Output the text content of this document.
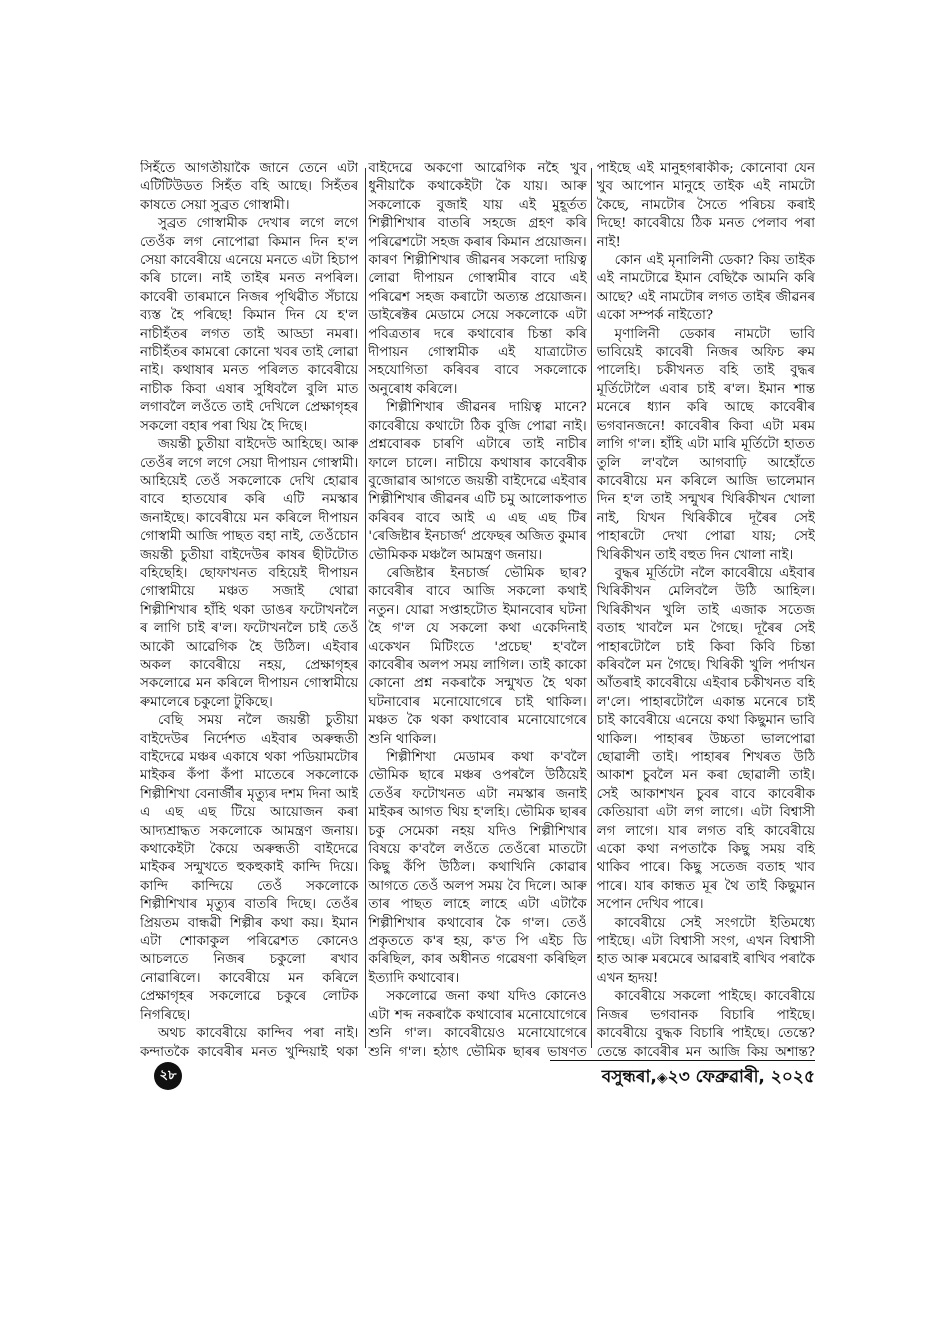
সিহঁতে আগতীয়াকৈ জানে তেনে এটা এটিটিউডত সিহঁত বহি আছে। সিহঁতৰ কাষতে সেয়া সুব্ৰত গোস্বামী।

সুব্ৰত গোস্বামীক দেখাৰ লগে লগে তেওঁক লগ নোপোৱা কিমান দিন হ'ল সেয়া কাবেৰীয়ে এনেয়ে মনতে এটা হিচাপ কৰি চালে। নাই তাইৰ মনত নপৰিল। কাবেৰী তাৰমানে নিজৰ পৃথিৱীত সঁচায়ে ব্যস্ত হৈ পৰিছে! কিমান দিন যে হ'ল নাচীহঁতৰ লগত তাই আড্ডা নমৰা। নাচীহঁতৰ কামৰো কোনো খবৰ তাই লোৱা নাই। কথাষাৰ মনত পৰিলত কাবেৰীয়ে নাচীক কিবা এষাৰ সুধিবলৈ বুলি মাত লগাবলৈ লওঁতে তাই দেখিলে প্ৰেক্ষাগৃহৰ সকলো বহাৰ পৰা থিয় হৈ দিছে।

জয়ন্তী চুতীয়া বাইদেউ আহিছে। আৰু তেওঁৰ লগে লগে সেয়া দীপায়ন গোস্বামী। আহিয়েই তেওঁ সকলোকে দেখি হোৱাৰ বাবে হাতযোৰ কৰি এটি নমস্কাৰ জনাইছে। কাবেৰীয়ে মন কৰিলে দীপায়ন গোস্বামী আজি পাছত বহা নাই, তেওঁচোন জয়ন্তী চুতীয়া বাইদেউৰ কাষৰ ছীটটোত বহিছেহি। ছোফাখনত বহিয়েই দীপায়ন গোস্বামীয়ে মঞ্চত সজাই থোৱা শিল্পীশিখাৰ হাঁহি থকা ডাঙৰ ফটোখনলৈ ৰ লাগি চাই ৰ'ল। ফটোখনলৈ চাই তেওঁ আকৌ আৱেগিক হৈ উঠিল। এইবাৰ অকল কাবেৰীয়ে নহয়, প্ৰেক্ষাগৃহৰ সকলোৱে মন কৰিলে দীপায়ন গোস্বামীয়ে ৰুমালেৰে চকুলো টুকিছে।

বেছি সময় নলৈ জয়ন্তী চুতীয়া বাইদেউৰ নিৰ্দেশত এইবাৰ অৰুন্ধতী বাইদেৱে মঞ্চৰ একাষে থকা পডিয়ামটোৰ মাইকৰ কঁপা কঁপা মাতেৰে সকলোকে শিল্পীশিখা বেনাৰ্জীৰ মৃত্যুৰ দশম দিনা আই এ এছ এছ টিয়ে আয়োজন কৰা আদ্যশ্ৰাদ্ধত সকলোকে আমন্ত্ৰণ জনায়। কথাকেইটা কৈয়ে অৰুন্ধতী বাইদেৱে মাইকৰ সন্মুখতে হুকহুকাই কান্দি দিয়ে। কান্দি কান্দিয়ে তেওঁ সকলোকে শিল্পীশিখাৰ মৃত্যুৰ বাতৰি দিছে। তেওঁৰ প্ৰিয়তম বান্ধৱী শিল্পীৰ কথা কয়। ইমান এটা শোকাকুল পৰিৱেশত কোনেও আচলতে নিজৰ চকুলো ৰখাব নোৱাৰিলে। কাবেৰীয়ে মন কৰিলে প্ৰেক্ষাগৃহৰ সকলোৱে চকুৰে লোটক নিগৰিছে।

অথচ কাবেৰীয়ে কান্দিব পৰা নাই। কন্দাতকৈ কাবেৰীৰ মনত খুন্দিয়াই থকা

বাইদেৱে অকণো আৱেগিক নহৈ খুব ধুনীয়াকৈ কথাকেইটা কৈ যায়। আৰু সকলোকে বুজাই যায় এই মুহূৰ্তত শিল্পীশিখাৰ বাতৰি সহজে গ্ৰহণ কৰি পৰিৱেশটো সহজ কৰাৰ কিমান প্ৰয়োজন। কাৰণ শিল্পীশিখাৰ জীৱনৰ সকলো দায়িত্ব লোৱা দীপায়ন গোস্বামীৰ বাবে এই পৰিৱেশ সহজ কৰাটো অত্যন্ত প্ৰয়োজন। ডাইৰেক্টৰ মেডামে সেয়ে সকলোকে এটা পবিত্ৰতাৰ দৰে কথাবোৰ চিন্তা কৰি দীপায়ন গোস্বামীক এই যাত্ৰাটোত সহযোগিতা কৰিবৰ বাবে সকলোকে অনুৰোধ কৰিলে।

শিল্পীশিখাৰ জীৱনৰ দায়িত্ব মানে? কাবেৰীয়ে কথাটো ঠিক বুজি পোৱা নাই। প্ৰশ্নবোৰক চাৰণি এটাৰে তাই নাচীৰ ফালে চালে। নাচীয়ে কথাষাৰ কাবেৰীক বুজোৱাৰ আগতে জয়ন্তী বাইদেৱে এইবাৰ শিল্পীশিখাৰ জীৱনৰ এটি চমু আলোকপাত কৰিবৰ বাবে আই এ এছ এছ টিৰ 'ৰেজিষ্টাৰ ইনচাৰ্জ' প্ৰফেছৰ অজিত কুমাৰ ভৌমিকক মঞ্চলৈ আমন্ত্ৰণ জনায়।

ৰেজিষ্টাৰ ইনচাৰ্জ ভৌমিক ছাৰ? কাবেৰীৰ বাবে আজি সকলো কথাই নতুন। যোৱা সপ্তাহটোত ইমানবোৰ ঘটনা হৈ গ'ল যে সকলো কথা একেদিনাই একেখন মিটিংতে 'প্ৰচেছ' হ'বলৈ কাবেৰীৰ অলপ সময় লাগিল। তাই কাকো কোনো প্ৰশ্ন নকৰাকৈ সন্মুখত হৈ থকা ঘটনাবোৰ মনোযোগেৰে চাই থাকিল। মঞ্চত কৈ থকা কথাবোৰ মনোযোগেৰে শুনি থাকিল।

শিল্পীশিখা মেডামৰ কথা ক'বলৈ ভৌমিক ছাৰে মঞ্চৰ ওপৰলৈ উঠিয়েই তেওঁৰ ফটোখনত এটা নমস্কাৰ জনাই মাইকৰ আগত থিয় হ'লহি। ভৌমিক ছাৰৰ চকু সেমেকা নহয় যদিও শিল্পীশিখাৰ বিষয়ে ক'বলৈ লওঁতে তেওঁৰো মাতটো কিছু কঁপি উঠিল। কথাখিনি কোৱাৰ আগতে তেওঁ অলপ সময় বৈ দিলে। আৰু তাৰ পাছত লাহে লাহে এটা এটাকৈ শিল্পীশিখাৰ কথাবোৰ কৈ গ'ল। তেওঁ প্ৰকৃততে ক'ৰ হয়, ক'ত পি এইচ ডি কৰিছিল, কাৰ অধীনত গৱেষণা কৰিছিল ইত্যাদি কথাবোৰ।

সকলোৱে জনা কথা যদিও কোনেও এটা শব্দ নকৰাকৈ কথাবোৰ মনোযোগেৰে শুনি গ'ল। কাবেৰীয়েও মনোযোগেৰে শুনি গ'ল। হঠাৎ ভৌমিক ছাৰৰ ভাষণত

পাইছে এই মানুহগৰাকীক; কোনোবা যেন খুব আপোন মানুহে তাইক এই নামটো কৈছে, নামটোৰ সৈতে পৰিচয় কৰাই দিছে! কাবেৰীয়ে ঠিক মনত পেলাব পৰা নাই!

কোন এই মৃনালিনী ডেকা? কিয় তাইক এই নামটোৱে ইমান বেছিকৈ আমনি কৰি আছে? এই নামটোৰ লগত তাইৰ জীৱনৰ একো সম্পৰ্ক নাইতো?

মৃণালিনী ডেকাৰ নামটো ভাবি ভাবিয়েই কাবেৰী নিজৰ অফিচ ৰুম পালেহি। চকীখনত বহি তাই বুদ্ধৰ মূৰ্তিটোলৈ এবাৰ চাই ৰ'ল। ইমান শান্ত মনেৰে ধ্যান কৰি আছে কাবেৰীৰ ভগবানজনে! কাবেৰীৰ কিবা এটা মৰম লাগি গ'ল। হাঁহি এটা মাৰি মূৰ্তিটো হাতত তুলি ল'বলৈ আগবাঢ়ি আহোঁতে কাবেৰীয়ে মন কৰিলে আজি ভালেমান দিন হ'ল তাই সন্মুখৰ খিৰিকীখন খোলা নাই, যিখন খিৰিকীৰে দূৰৈৰ সেই পাহাৰটো দেখা পোৱা যায়; সেই খিৰিকীখন তাই বহুত দিন খোলা নাই।

বুদ্ধৰ মূৰ্তিটো নলৈ কাবেৰীয়ে এইবাৰ খিৰিকীখন মেলিবলৈ উঠি আহিল। খিৰিকীখন খুলি তাই এজাক সতেজ বতাহ খাবলৈ মন গৈছে। দূৰৈৰ সেই পাহাৰটোলৈ চাই কিবা কিবি চিন্তা কৰিবলৈ মন গৈছে। খিৰিকী খুলি পৰ্দাখন আঁতৰাই কাবেৰীয়ে এইবাৰ চকীখনত বহি ল'লে। পাহাৰটোলৈ একান্ত মনেৰে চাই চাই কাবেৰীয়ে এনেয়ে কথা কিছুমান ভাবি থাকিল। পাহাৰৰ উচ্চতা ভালপোৱা ছোৱালী তাই। পাহাৰৰ শিখৰত উঠি আকাশ চুবলৈ মন কৰা ছোৱালী তাই। সেই আকাশখন চুবৰ বাবে কাবেৰীক কেতিয়াবা এটা লগ লাগে। এটা বিশ্বাসী লগ লাগে। যাৰ লগত বহি কাবেৰীয়ে একো কথা নপতাকৈ কিছু সময় বহি থাকিব পাৰে। কিছু সতেজ বতাহ খাব পাৰে। যাৰ কান্ধত মূৰ থৈ তাই কিছুমান সপোন দেখিব পাৰে।

কাবেৰীয়ে সেই সংগটো ইতিমধ্যে পাইছে। এটা বিশ্বাসী সংগ, এখন বিশ্বাসী হাত আৰু মৰমেৰে আৱৰাই ৰাখিব পৰাকৈ এখন হৃদয়!

কাবেৰীয়ে সকলো পাইছে। কাবেৰীয়ে নিজৰ ভগবানক বিচাৰি পাইছে। কাবেৰীয়ে বুদ্ধক বিচাৰি পাইছে। তেন্তে? তেন্তে কাবেৰীৰ মন আজি কিয় অশান্ত?

২৮	বসুন্ধৰা,◈২৩ ফেব্ৰুৱাৰী, ২০২৫
